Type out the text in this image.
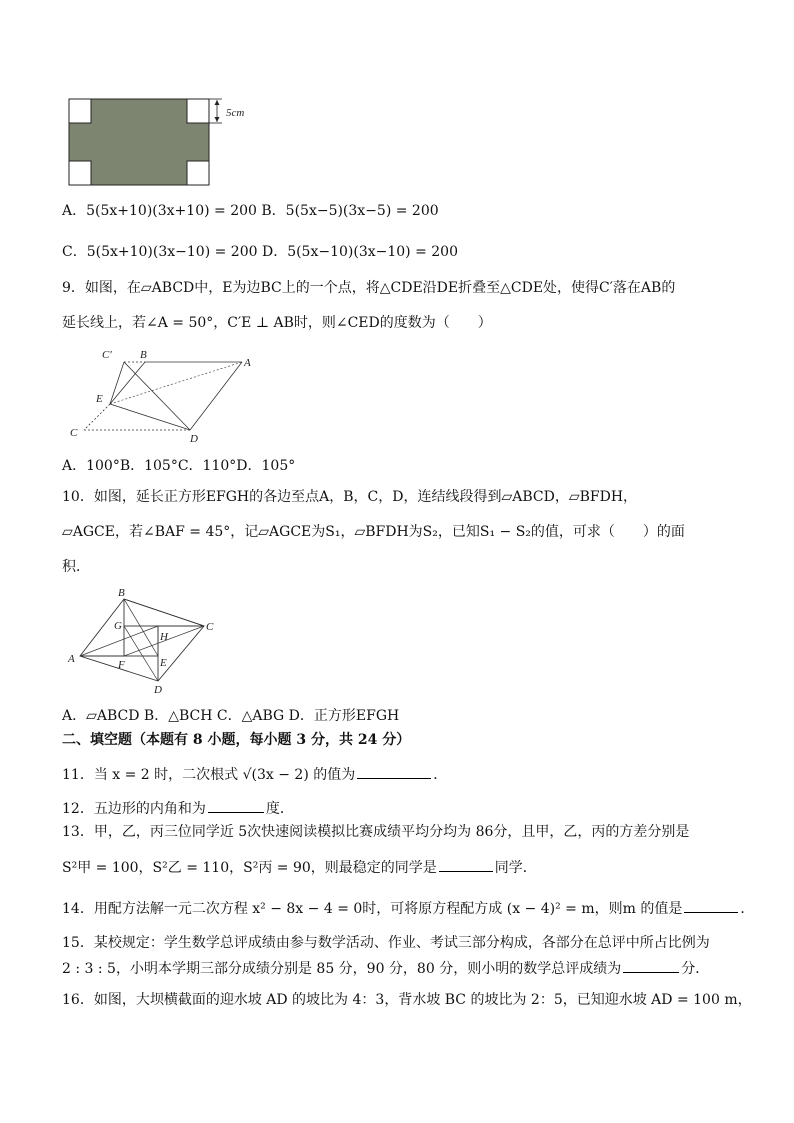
5cm
A．5(5x+10)(3x+10) = 200 B．5(5x−5)(3x−5) = 200
C．5(5x+10)(3x−10) = 200 D．5(5x−10)(3x−10) = 200
9．如图，在▱ABCD中，E为边BC上的一个点，将△CDE沿DE折叠至△CDE处，使得C′落在AB的
延长线上，若∠A = 50°，C′E ⊥ AB时，则∠CED的度数为（　　）
C′	B
A
E
C	D
A．100°B．105°C．110°D．105°
10．如图，延长正方形EFGH的各边至点A，B，C，D，连结线段得到▱ABCD，▱BFDH，
▱AGCE，若∠BAF = 45°，记▱AGCE为S₁，▱BFDH为S₂，已知S₁ − S₂的值，可求（　　）的面
积．
B
G
H
C
A	F	E
D
A．▱ABCD B．△BCH C．△ABG D．正方形EFGH
二、填空题（本题有 8 小题，每小题 3 分，共 24 分）
11．当 x = 2 时，二次根式 √(3x − 2) 的值为	．
12．五边形的内角和为	度．
13．甲，乙，丙三位同学近 5次快速阅读模拟比赛成绩平均分均为 86分，且甲，乙，丙的方差分别是
S²甲 = 100，S²乙 = 110，S²丙 = 90，则最稳定的同学是	同学．
14．用配方法解一元二次方程 x² − 8x − 4 = 0时，可将原方程配方成 (x − 4)² = m，则m 的值是	．
15．某校规定：学生数学总评成绩由参与数学活动、作业、考试三部分构成，各部分在总评中所占比例为
2 : 3 : 5，小明本学期三部分成绩分别是 85 分，90 分，80 分，则小明的数学总评成绩为	分．
16．如图，大坝横截面的迎水坡 AD 的坡比为 4：3，背水坡 BC 的坡比为 2：5，已知迎水坡 AD = 100 m，
